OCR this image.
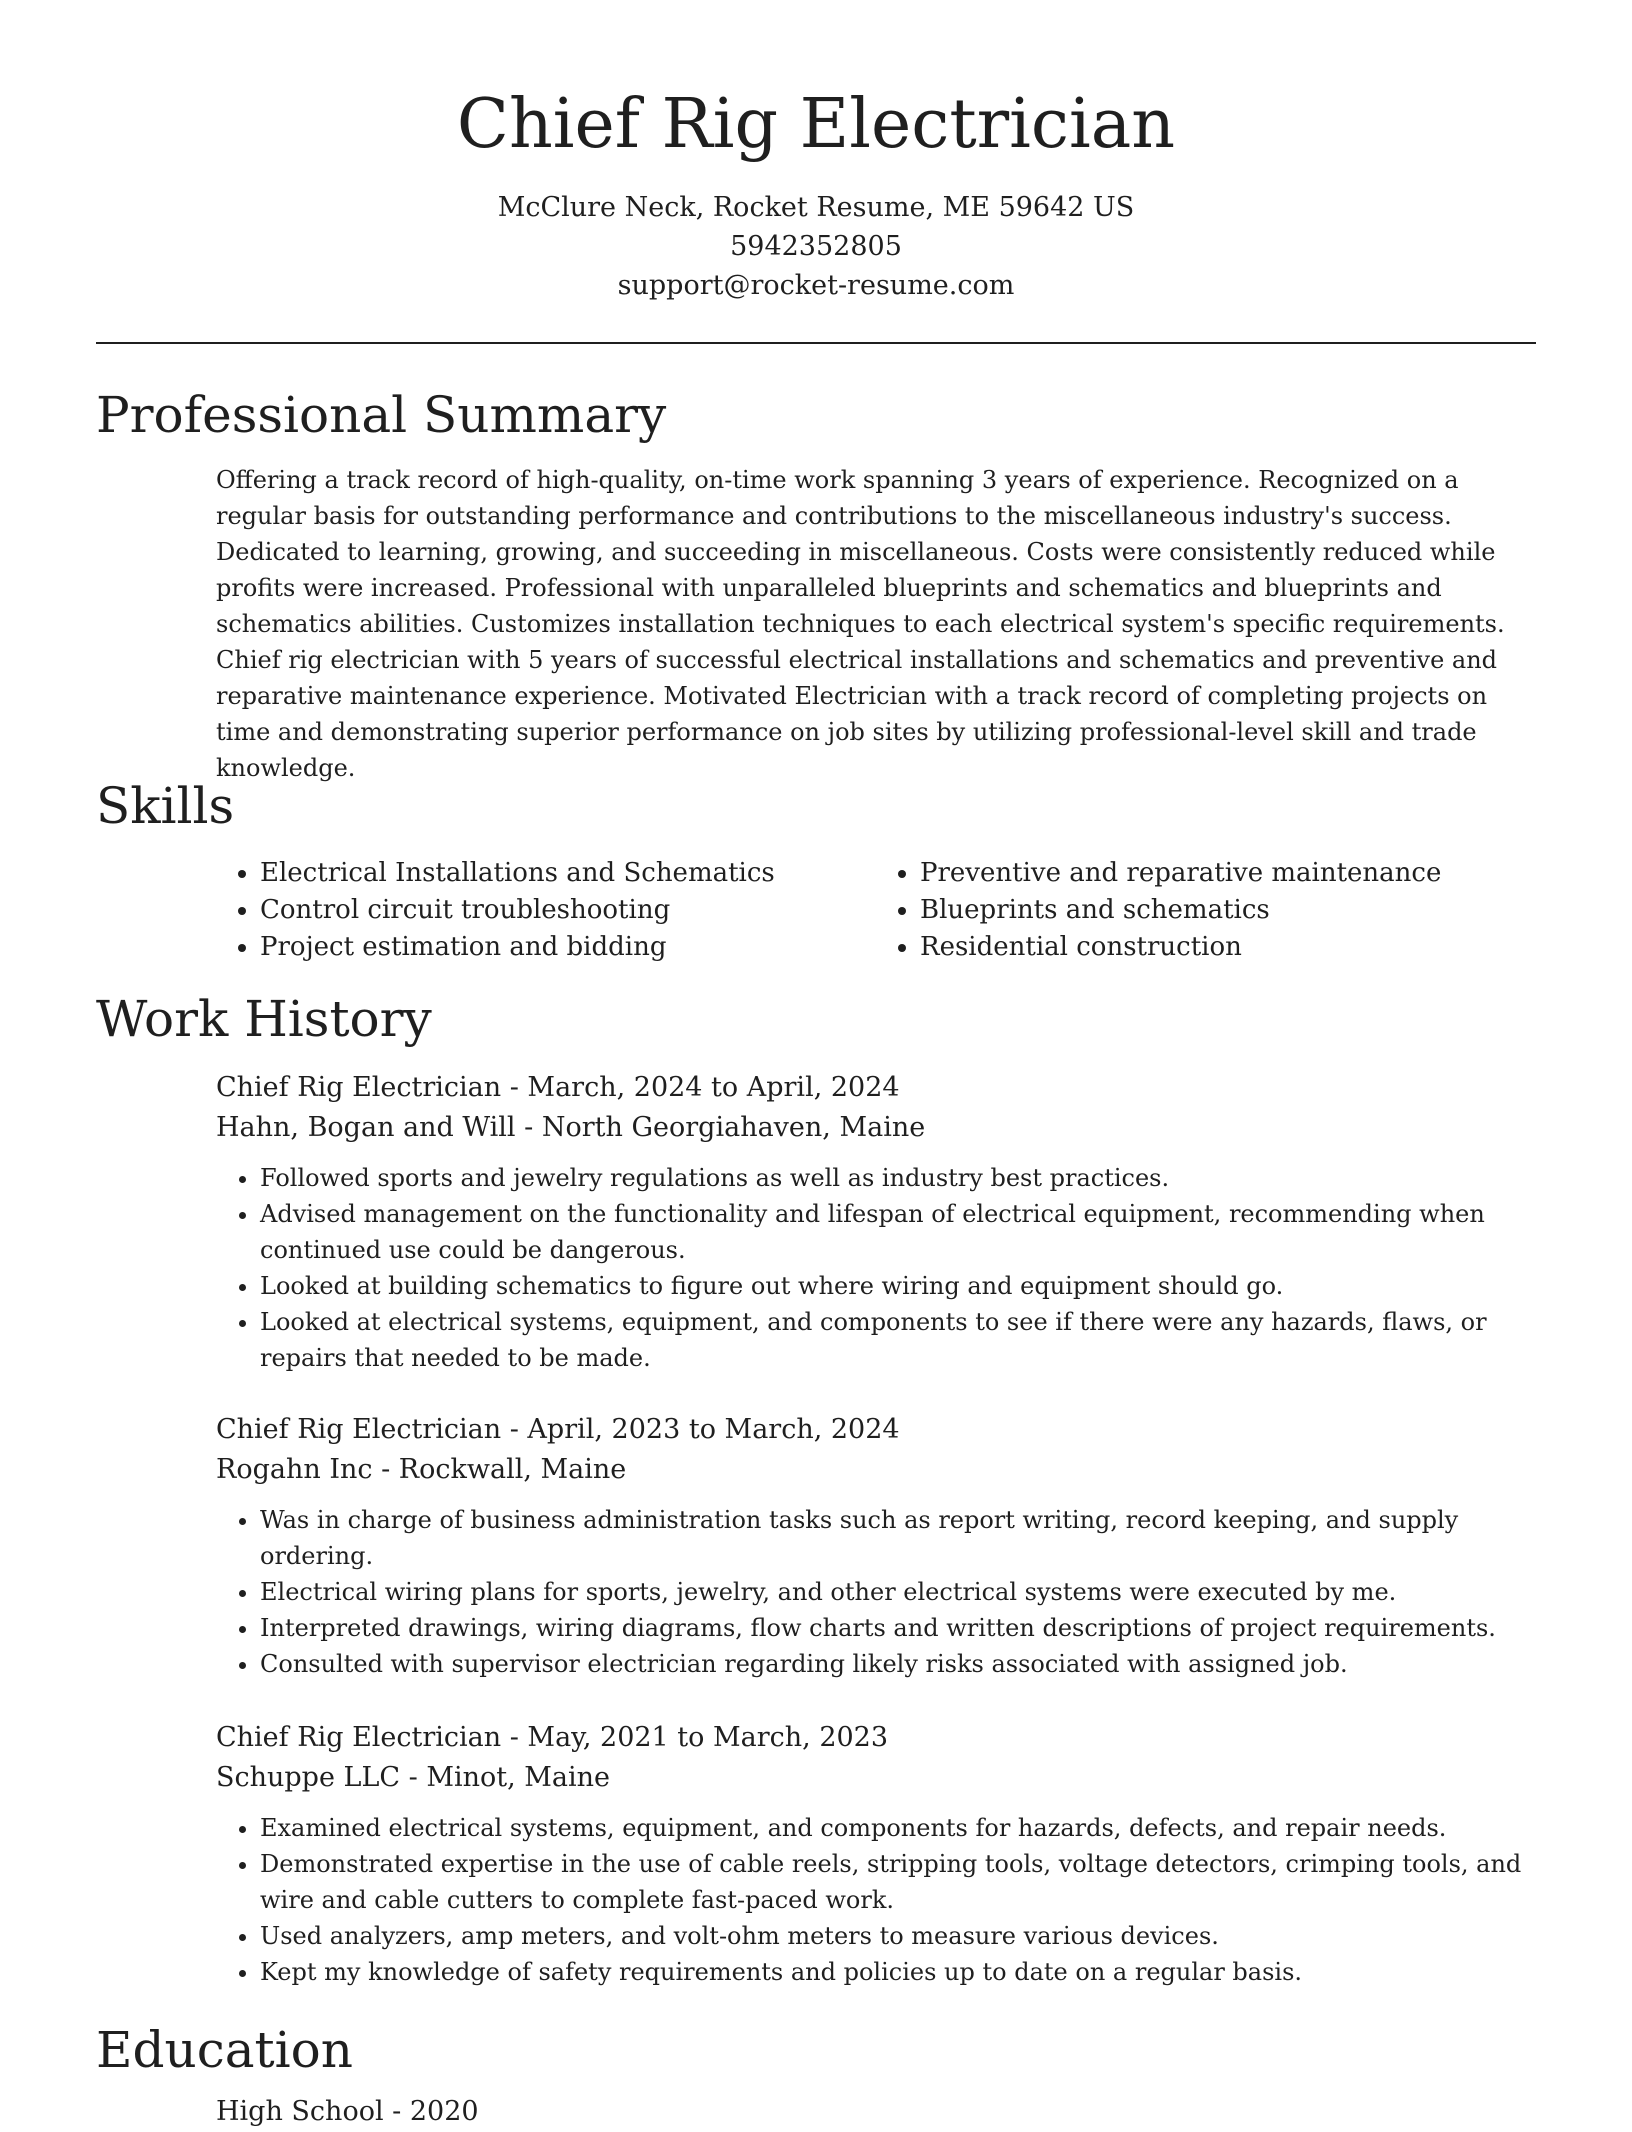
Chief Rig Electrician
McClure Neck, Rocket Resume, ME 59642 US
5942352805
support@rocket-resume.com
Professional Summary

Offering a track record of high-quality, on-time work spanning 3 years of experience. Recognized on a regular basis for outstanding performance and contributions to the miscellaneous industry's success. Dedicated to learning, growing, and succeeding in miscellaneous. Costs were consistently reduced while profits were increased. Professional with unparalleled blueprints and schematics and blueprints and schematics abilities. Customizes installation techniques to each electrical system's specific requirements. Chief rig electrician with 5 years of successful electrical installations and schematics and preventive and reparative maintenance experience. Motivated Electrician with a track record of completing projects on time and demonstrating superior performance on job sites by utilizing professional-level skill and trade knowledge.

Skills
• Electrical Installations and Schematics
• Control circuit troubleshooting
• Project estimation and bidding
• Preventive and reparative maintenance
• Blueprints and schematics
• Residential construction
Work History
Chief Rig Electrician - March, 2024 to April, 2024
Hahn, Bogan and Will - North Georgiahaven, Maine
• Followed sports and jewelry regulations as well as industry best practices.
• Advised management on the functionality and lifespan of electrical equipment, recommending when continued use could be dangerous.
• Looked at building schematics to figure out where wiring and equipment should go.
• Looked at electrical systems, equipment, and components to see if there were any hazards, flaws, or repairs that needed to be made.
Chief Rig Electrician - April, 2023 to March, 2024
Rogahn Inc - Rockwall, Maine
• Was in charge of business administration tasks such as report writing, record keeping, and supply ordering.
• Electrical wiring plans for sports, jewelry, and other electrical systems were executed by me.
• Interpreted drawings, wiring diagrams, flow charts and written descriptions of project requirements.
• Consulted with supervisor electrician regarding likely risks associated with assigned job.
Chief Rig Electrician - May, 2021 to March, 2023
Schuppe LLC - Minot, Maine
• Examined electrical systems, equipment, and components for hazards, defects, and repair needs.
• Demonstrated expertise in the use of cable reels, stripping tools, voltage detectors, crimping tools, and wire and cable cutters to complete fast-paced work.
• Used analyzers, amp meters, and volt-ohm meters to measure various devices.
• Kept my knowledge of safety requirements and policies up to date on a regular basis.
Education
High School - 2020
